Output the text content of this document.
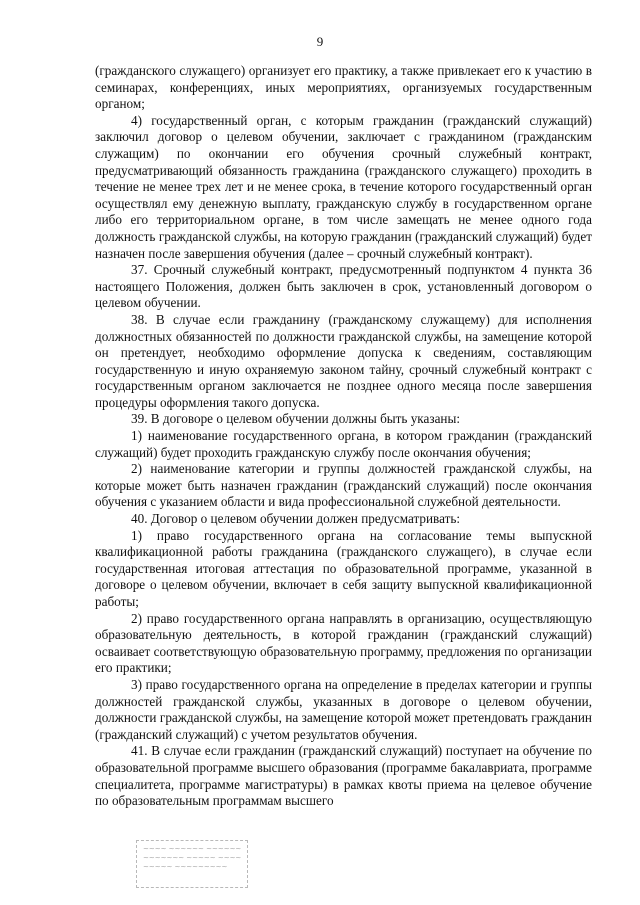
9

(гражданского служащего) организует его практику, а также привлекает его к участию в семинарах, конференциях, иных мероприятиях, организуемых государственным органом;

4) государственный орган, с которым гражданин (гражданский служащий) заключил договор о целевом обучении, заключает с гражданином (гражданским служащим) по окончании его обучения срочный служебный контракт, предусматривающий обязанность гражданина (гражданского служащего) проходить в течение не менее трех лет и не менее срока, в течение которого государственный орган осуществлял ему денежную выплату, гражданскую службу в государственном органе либо его территориальном органе, в том числе замещать не менее одного года должность гражданской службы, на которую гражданин (гражданский служащий) будет назначен после завершения обучения (далее – срочный служебный контракт).

37. Срочный служебный контракт, предусмотренный подпунктом 4 пункта 36 настоящего Положения, должен быть заключен в срок, установленный договором о целевом обучении.

38. В случае если гражданину (гражданскому служащему) для исполнения должностных обязанностей по должности гражданской службы, на замещение которой он претендует, необходимо оформление допуска к сведениям, составляющим государственную и иную охраняемую законом тайну, срочный служебный контракт с государственным органом заключается не позднее одного месяца после завершения процедуры оформления такого допуска.

39. В договоре о целевом обучении должны быть указаны:

1) наименование государственного органа, в котором гражданин (гражданский служащий) будет проходить гражданскую службу после окончания обучения;

2) наименование категории и группы должностей гражданской службы, на которые может быть назначен гражданин (гражданский служащий) после окончания обучения с указанием области и вида профессиональной служебной деятельности.

40. Договор о целевом обучении должен предусматривать:

1) право государственного органа на согласование темы выпускной квалификационной работы гражданина (гражданского служащего), в случае если государственная итоговая аттестация по образовательной программе, указанной в договоре о целевом обучении, включает в себя защиту выпускной квалификационной работы;

2) право государственного органа направлять в организацию, осуществляющую образовательную деятельность, в которой гражданин (гражданский служащий) осваивает соответствующую образовательную программу, предложения по организации его практики;

3) право государственного органа на определение в пределах категории и группы должностей гражданской службы, указанных в договоре о целевом обучении, должности гражданской службы, на замещение которой может претендовать гражданин (гражданский служащий) с учетом результатов обучения.

41. В случае если гражданин (гражданский служащий) поступает на обучение по образовательной программе высшего образования (программе бакалавриата, программе специалитета, программе магистратуры) в рамках квоты приема на целевое обучение по образовательным программам высшего

~~~~ ~~~~~~ ~~~~~~
~~~~~~~ ~~~~~ ~~~~
~~~~~ ~~~~~~~~~
